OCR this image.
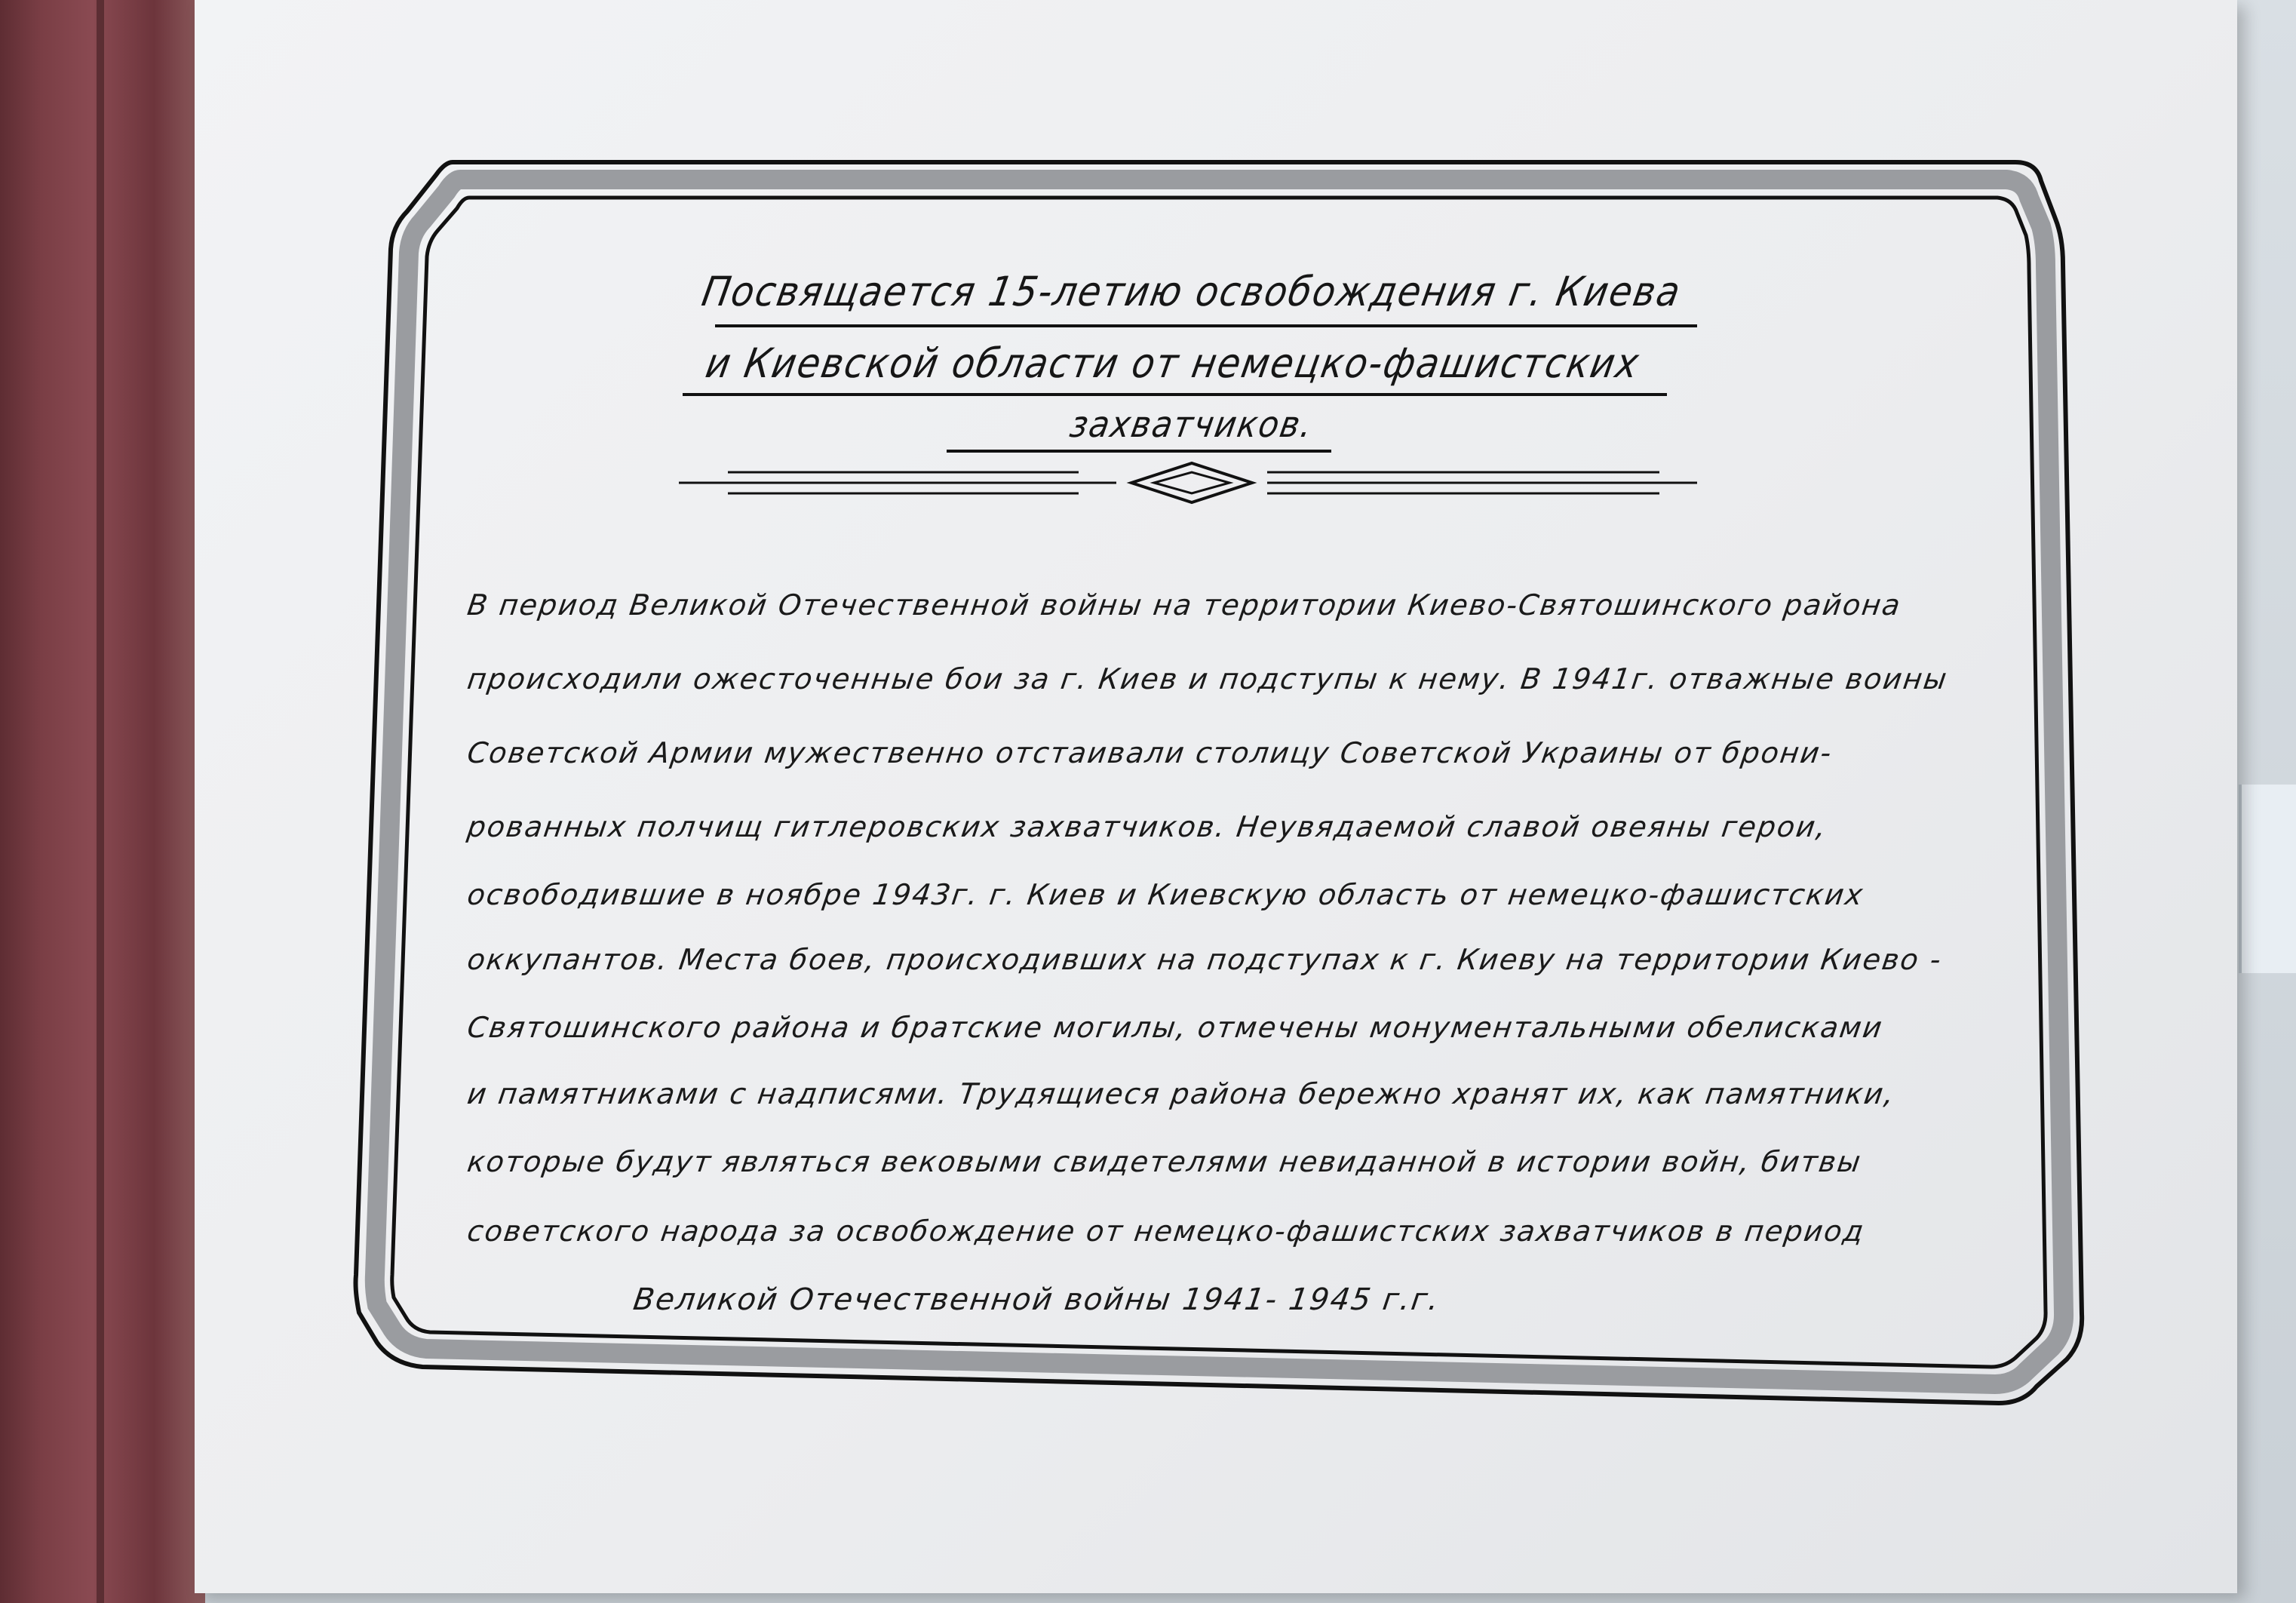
Посвящается 15-летию освобождения г. Киева
и Киевской области от немецко-фашистских
захватчиков.
В период Великой Отечественной войны на территории Киево-Святошинского района
происходили ожесточенные бои за г. Киев и подступы к нему. В 1941г. отважные воины
Советской Армии мужественно отстаивали столицу Советской Украины от брони-
рованных полчищ гитлеровских захватчиков. Неувядаемой славой овеяны герои,
освободившие в ноябре 1943г. г. Киев и Киевскую область от немецко-фашистских
оккупантов. Места боев, происходивших на подступах к г. Киеву на территории Киево -
Святошинского района и братские могилы, отмечены монументальными обелисками
и памятниками с надписями. Трудящиеся района бережно хранят их, как памятники,
которые будут являться вековыми свидетелями невиданной в истории войн, битвы
советского народа за освобождение от немецко-фашистских захватчиков в период
Великой Отечественной войны 1941- 1945 г.г.
